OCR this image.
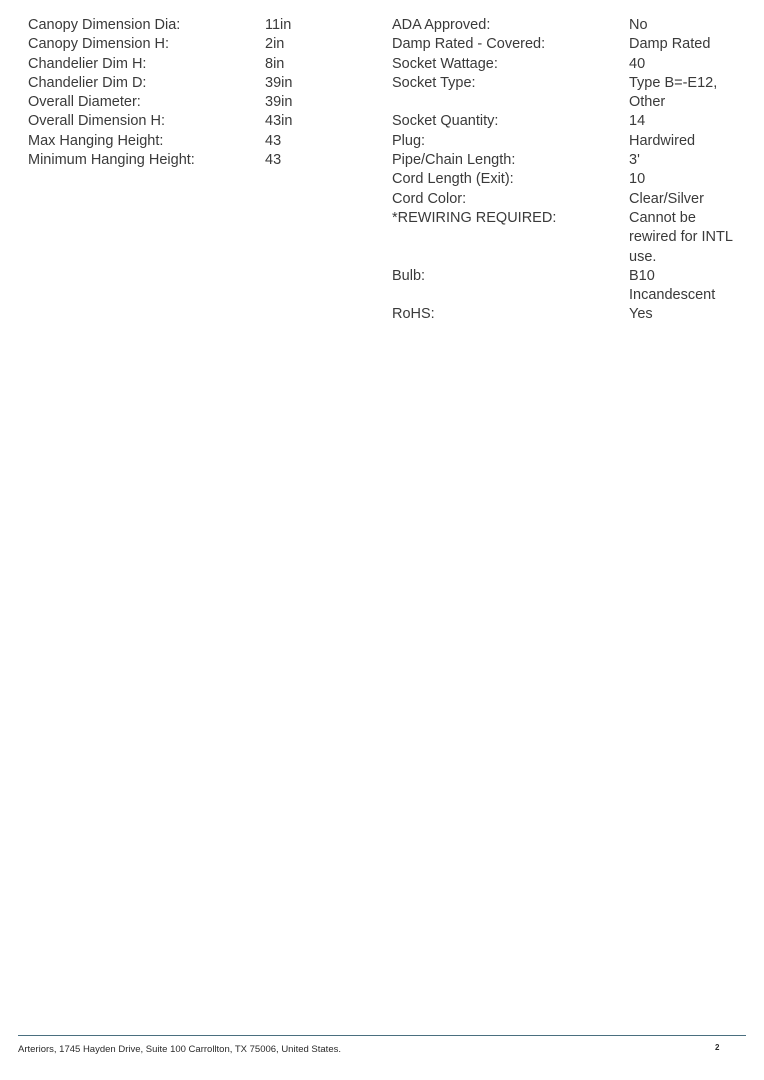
Canopy Dimension Dia:	11in
Canopy Dimension H:	2in
Chandelier Dim H:	8in
Chandelier Dim D:	39in
Overall Diameter:	39in
Overall Dimension H:	43in
Max Hanging Height:	43
Minimum Hanging Height:	43
ADA Approved:	No
Damp Rated - Covered:	Damp Rated
Socket Wattage:	40
Socket Type:	Type B=-E12, Other
Socket Quantity:	14
Plug:	Hardwired
Pipe/Chain Length:	3'
Cord Length (Exit):	10
Cord Color:	Clear/Silver
*REWIRING REQUIRED:	Cannot be rewired for INTL use.
Bulb:	B10 Incandescent
RoHS:	Yes
Arteriors, 1745 Hayden Drive, Suite 100 Carrollton, TX 75006, United States.	2
